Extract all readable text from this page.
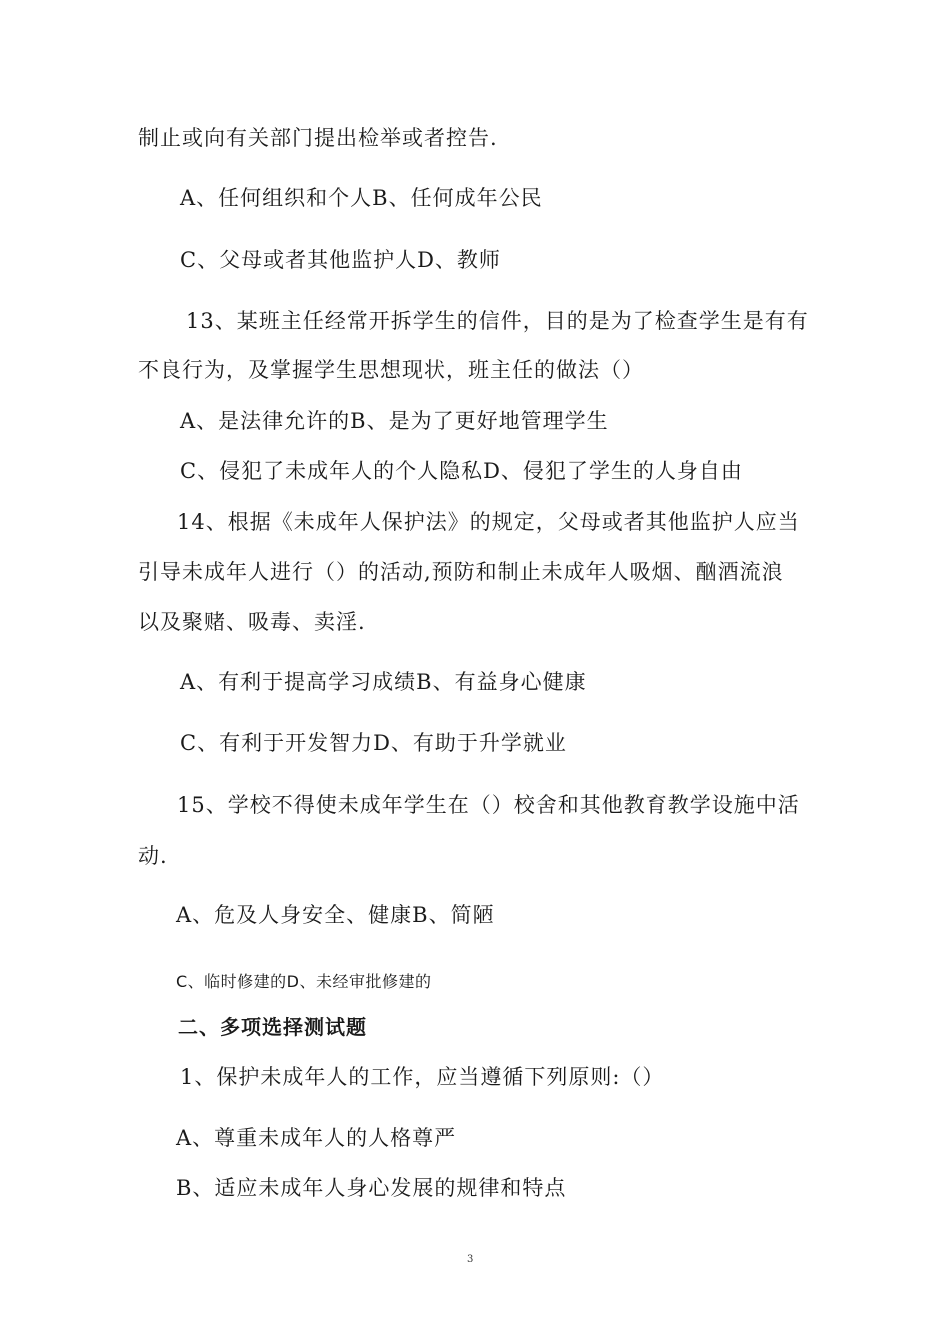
制止或向有关部门提出检举或者控告.
A、任何组织和个人B、任何成年公民
C、父母或者其他监护人D、教师
13、某班主任经常开拆学生的信件，目的是为了检查学生是有有
不良行为，及掌握学生思想现状，班主任的做法（）
A、是法律允许的B、是为了更好地管理学生
C、侵犯了未成年人的个人隐私D、侵犯了学生的人身自由
14、根据《未成年人保护法》的规定，父母或者其他监护人应当
引导未成年人进行（）的活动,预防和制止未成年人吸烟、酗酒流浪
以及聚赌、吸毒、卖淫.
A、有利于提高学习成绩B、有益身心健康
C、有利于开发智力D、有助于升学就业
15、学校不得使未成年学生在（）校舍和其他教育教学设施中活
动.
A、危及人身安全、健康B、简陋
C、临时修建的D、未经审批修建的
二、多项选择测试题
1、保护未成年人的工作，应当遵循下列原则:（）
A、尊重未成年人的人格尊严
B、适应未成年人身心发展的规律和特点
3
